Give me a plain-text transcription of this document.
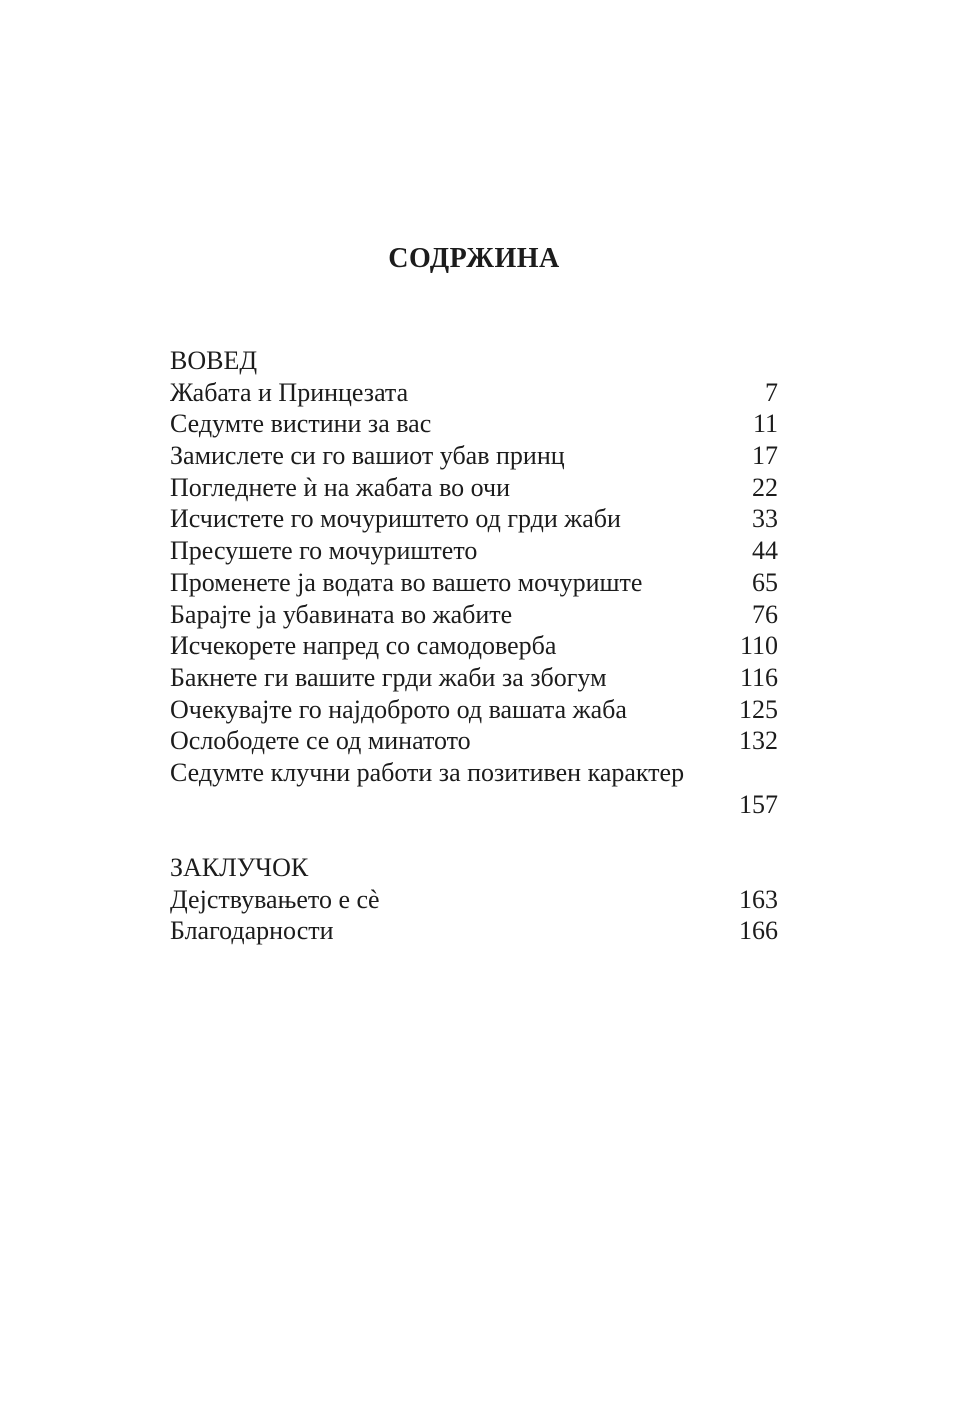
СОДРЖИНА
ВОВЕД
Жабата и Принцезата	7
Седумте вистини за вас	11
Замислете си го вашиот убав принц	17
Погледнете ѝ на жабата во очи	22
Исчистете го мочуриштето од грди жаби	33
Пресушете го мочуриштето	44
Променете ја водата во вашето мочуриште	65
Барајте ја убавината во жабите	76
Исчекорете напред со самодоверба	110
Бакнете ги вашите грди жаби за збогум	116
Очекувајте го најдоброто од вашата жаба	125
Ослободете се од минатото	132
Седумте клучни работи за позитивен карактер
157
ЗАКЛУЧОК
Дејствувањето е сѐ	163
Благодарности	166
